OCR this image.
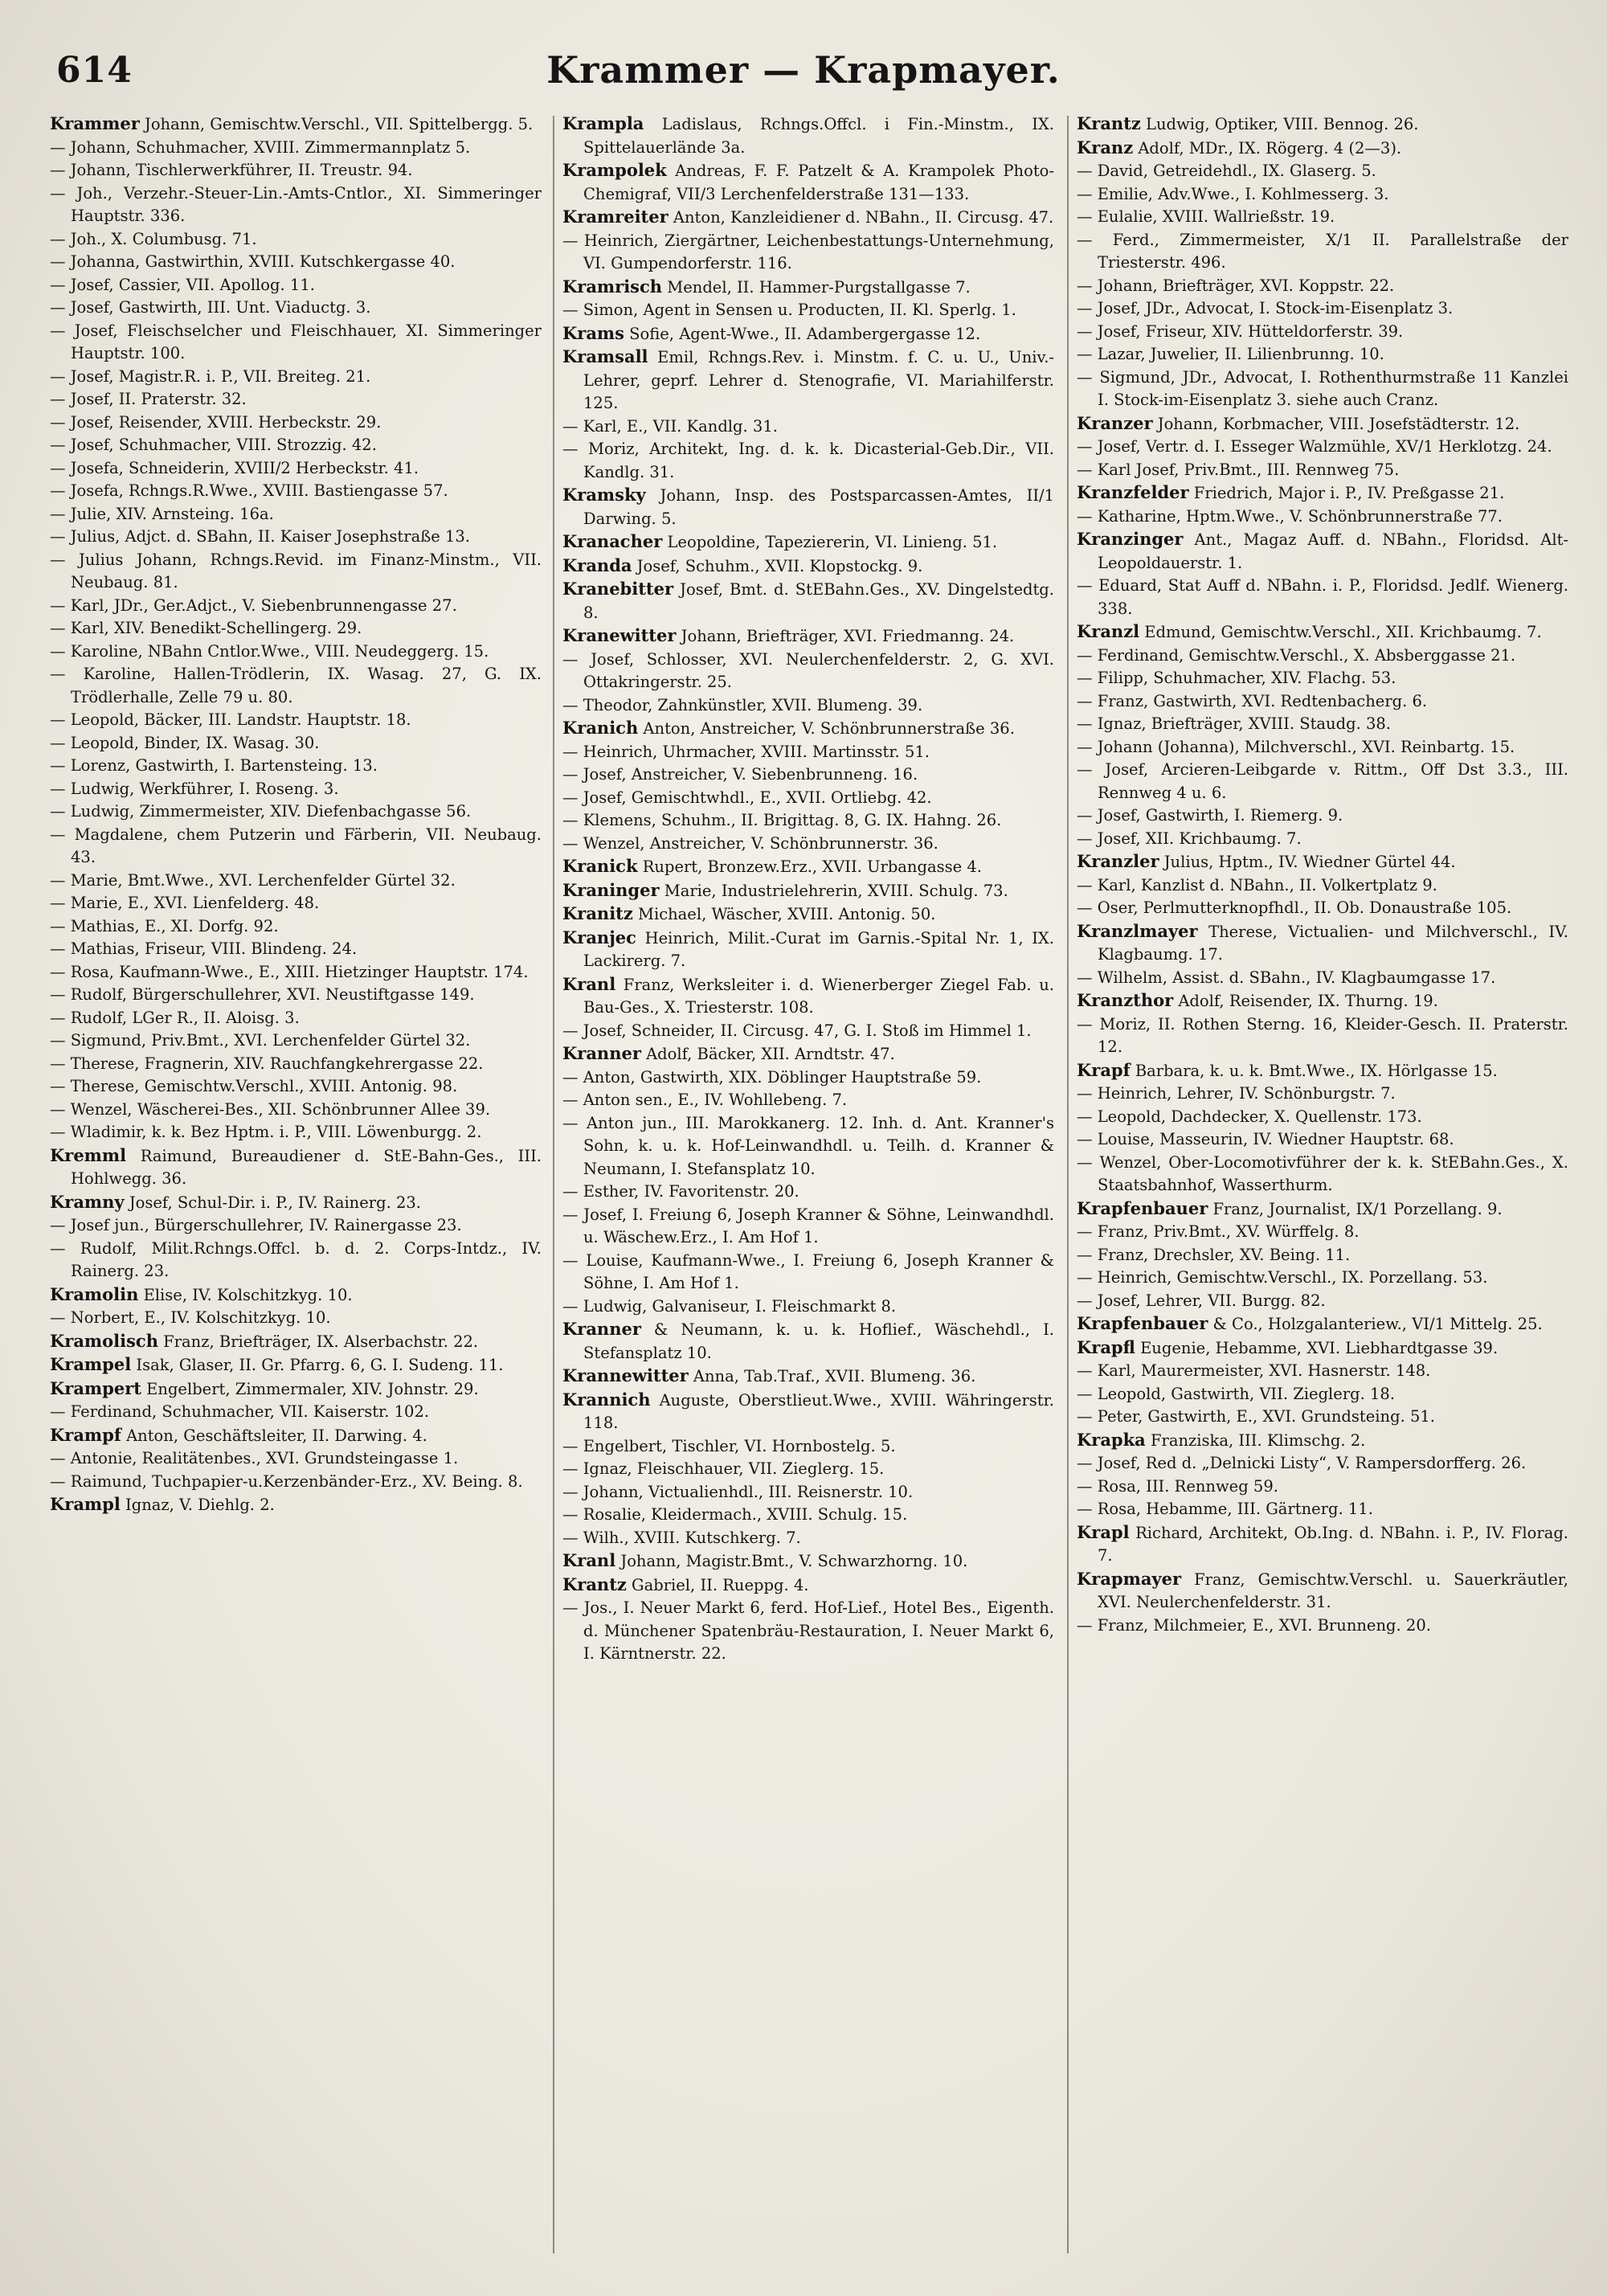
614	Krammer — Krapmayer.

Krammer Johann, Gemischtw.Verschl., VII. Spittelbergg. 5.

— Johann, Schuhmacher, XVIII. Zimmermannplatz 5.

— Johann, Tischlerwerkführer, II. Treustr. 94.

— Joh., Verzehr.-Steuer-Lin.-Amts-Cntlor., XI. Simmeringer Hauptstr. 336.

— Joh., X. Columbusg. 71.

— Johanna, Gastwirthin, XVIII. Kutschkergasse 40.

— Josef, Cassier, VII. Apollog. 11.

— Josef, Gastwirth, III. Unt. Viaductg. 3.

— Josef, Fleischselcher und Fleischhauer, XI. Simmeringer Hauptstr. 100.

— Josef, Magistr.R. i. P., VII. Breiteg. 21.

— Josef, II. Praterstr. 32.

— Josef, Reisender, XVIII. Herbeckstr. 29.

— Josef, Schuhmacher, VIII. Strozzig. 42.

— Josefa, Schneiderin, XVIII/2 Herbeckstr. 41.

— Josefa, Rchngs.R.Wwe., XVIII. Bastiengasse 57.

— Julie, XIV. Arnsteing. 16a.

— Julius, Adjct. d. SBahn, II. Kaiser Josephstraße 13.

— Julius Johann, Rchngs.Revid. im Finanz-Minstm., VII. Neubaug. 81.

— Karl, JDr., Ger.Adjct., V. Siebenbrunnengasse 27.

— Karl, XIV. Benedikt-Schellingerg. 29.

— Karoline, NBahn Cntlor.Wwe., VIII. Neudeggerg. 15.

— Karoline, Hallen-Trödlerin, IX. Wasag. 27, G. IX. Trödlerhalle, Zelle 79 u. 80.

— Leopold, Bäcker, III. Landstr. Hauptstr. 18.

— Leopold, Binder, IX. Wasag. 30.

— Lorenz, Gastwirth, I. Bartensteing. 13.

— Ludwig, Werkführer, I. Roseng. 3.

— Ludwig, Zimmermeister, XIV. Diefenbachgasse 56.

— Magdalene, chem Putzerin und Färberin, VII. Neubaug. 43.

— Marie, Bmt.Wwe., XVI. Lerchenfelder Gürtel 32.

— Marie, E., XVI. Lienfelderg. 48.

— Mathias, E., XI. Dorfg. 92.

— Mathias, Friseur, VIII. Blindeng. 24.

— Rosa, Kaufmann-Wwe., E., XIII. Hietzinger Hauptstr. 174.

— Rudolf, Bürgerschullehrer, XVI. Neustiftgasse 149.

— Rudolf, LGer R., II. Aloisg. 3.

— Sigmund, Priv.Bmt., XVI. Lerchenfelder Gürtel 32.

— Therese, Fragnerin, XIV. Rauchfangkehrergasse 22.

— Therese, Gemischtw.Verschl., XVIII. Antonig. 98.

— Wenzel, Wäscherei-Bes., XII. Schönbrunner Allee 39.

— Wladimir, k. k. Bez Hptm. i. P., VIII. Löwenburgg. 2.

Kremml Raimund, Bureaudiener d. StE-Bahn-Ges., III. Hohlwegg. 36.

Kramny Josef, Schul-Dir. i. P., IV. Rainerg. 23.

— Josef jun., Bürgerschullehrer, IV. Rainergasse 23.

— Rudolf, Milit.Rchngs.Offcl. b. d. 2. Corps-Intdz., IV. Rainerg. 23.

Kramolin Elise, IV. Kolschitzkyg. 10.

— Norbert, E., IV. Kolschitzkyg. 10.

Kramolisch Franz, Briefträger, IX. Alserbachstr. 22.

Krampel Isak, Glaser, II. Gr. Pfarrg. 6, G. I. Sudeng. 11.

Krampert Engelbert, Zimmermaler, XIV. Johnstr. 29.

— Ferdinand, Schuhmacher, VII. Kaiserstr. 102.

Krampf Anton, Geschäftsleiter, II. Darwing. 4.

— Antonie, Realitätenbes., XVI. Grundsteingasse 1.

— Raimund, Tuchpapier-u.Kerzenbänder-Erz., XV. Being. 8.

Krampl Ignaz, V. Diehlg. 2.

Krampla Ladislaus, Rchngs.Offcl. i Fin.-Minstm., IX. Spittelauerlände 3a.

Krampolek Andreas, F. F. Patzelt & A. Krampolek Photo-Chemigraf, VII/3 Lerchenfelderstraße 131—133.

Kramreiter Anton, Kanzleidiener d. NBahn., II. Circusg. 47.

— Heinrich, Ziergärtner, Leichenbestattungs-Unternehmung, VI. Gumpendorferstr. 116.

Kramrisch Mendel, II. Hammer-Purgstallgasse 7.

— Simon, Agent in Sensen u. Producten, II. Kl. Sperlg. 1.

Krams Sofie, Agent-Wwe., II. Adambergergasse 12.

Kramsall Emil, Rchngs.Rev. i. Minstm. f. C. u. U., Univ.-Lehrer, geprf. Lehrer d. Stenografie, VI. Mariahilferstr. 125.

— Karl, E., VII. Kandlg. 31.

— Moriz, Architekt, Ing. d. k. k. Dicasterial-Geb.Dir., VII. Kandlg. 31.

Kramsky Johann, Insp. des Postsparcassen-Amtes, II/1 Darwing. 5.

Kranacher Leopoldine, Tapeziererin, VI. Linieng. 51.

Kranda Josef, Schuhm., XVII. Klopstockg. 9.

Kranebitter Josef, Bmt. d. StEBahn.Ges., XV. Dingelstedtg. 8.

Kranewitter Johann, Briefträger, XVI. Friedmanng. 24.

— Josef, Schlosser, XVI. Neulerchenfelderstr. 2, G. XVI. Ottakringerstr. 25.

— Theodor, Zahnkünstler, XVII. Blumeng. 39.

Kranich Anton, Anstreicher, V. Schönbrunnerstraße 36.

— Heinrich, Uhrmacher, XVIII. Martinsstr. 51.

— Josef, Anstreicher, V. Siebenbrunneng. 16.

— Josef, Gemischtwhdl., E., XVII. Ortliebg. 42.

— Klemens, Schuhm., II. Brigittag. 8, G. IX. Hahng. 26.

— Wenzel, Anstreicher, V. Schönbrunnerstr. 36.

Kranick Rupert, Bronzew.Erz., XVII. Urbangasse 4.

Kraninger Marie, Industrielehrerin, XVIII. Schulg. 73.

Kranitz Michael, Wäscher, XVIII. Antonig. 50.

Kranjec Heinrich, Milit.-Curat im Garnis.-Spital Nr. 1, IX. Lackirerg. 7.

Kranl Franz, Werksleiter i. d. Wienerberger Ziegel Fab. u. Bau-Ges., X. Triesterstr. 108.

— Josef, Schneider, II. Circusg. 47, G. I. Stoß im Himmel 1.

Kranner Adolf, Bäcker, XII. Arndtstr. 47.

— Anton, Gastwirth, XIX. Döblinger Hauptstraße 59.

— Anton sen., E., IV. Wohllebeng. 7.

— Anton jun., III. Marokkanerg. 12. Inh. d. Ant. Kranner's Sohn, k. u. k. Hof-Leinwandhdl. u. Teilh. d. Kranner & Neumann, I. Stefansplatz 10.

— Esther, IV. Favoritenstr. 20.

— Josef, I. Freiung 6, Joseph Kranner & Söhne, Leinwandhdl. u. Wäschew.Erz., I. Am Hof 1.

— Louise, Kaufmann-Wwe., I. Freiung 6, Joseph Kranner & Söhne, I. Am Hof 1.

— Ludwig, Galvaniseur, I. Fleischmarkt 8.

Kranner & Neumann, k. u. k. Hoflief., Wäschehdl., I. Stefansplatz 10.

Krannewitter Anna, Tab.Traf., XVII. Blumeng. 36.

Krannich Auguste, Oberstlieut.Wwe., XVIII. Währingerstr. 118.

— Engelbert, Tischler, VI. Hornbostelg. 5.

— Ignaz, Fleischhauer, VII. Zieglerg. 15.

— Johann, Victualienhdl., III. Reisnerstr. 10.

— Rosalie, Kleidermach., XVIII. Schulg. 15.

— Wilh., XVIII. Kutschkerg. 7.

Kranl Johann, Magistr.Bmt., V. Schwarzhorng. 10.

Krantz Gabriel, II. Rueppg. 4.

— Jos., I. Neuer Markt 6, ferd. Hof-Lief., Hotel Bes., Eigenth. d. Münchener Spatenbräu-Restauration, I. Neuer Markt 6, I. Kärntnerstr. 22.

Krantz Ludwig, Optiker, VIII. Bennog. 26.

Kranz Adolf, MDr., IX. Rögerg. 4 (2—3).

— David, Getreidehdl., IX. Glaserg. 5.

— Emilie, Adv.Wwe., I. Kohlmesserg. 3.

— Eulalie, XVIII. Wallrießstr. 19.

— Ferd., Zimmermeister, X/1 II. Parallelstraße der Triesterstr. 496.

— Johann, Briefträger, XVI. Koppstr. 22.

— Josef, JDr., Advocat, I. Stock-im-Eisenplatz 3.

— Josef, Friseur, XIV. Hütteldorferstr. 39.

— Lazar, Juwelier, II. Lilienbrunng. 10.

— Sigmund, JDr., Advocat, I. Rothenthurmstraße 11 Kanzlei I. Stock-im-Eisenplatz 3. siehe auch Cranz.

Kranzer Johann, Korbmacher, VIII. Josefstädterstr. 12.

— Josef, Vertr. d. I. Esseger Walzmühle, XV/1 Herklotzg. 24.

— Karl Josef, Priv.Bmt., III. Rennweg 75.

Kranzfelder Friedrich, Major i. P., IV. Preßgasse 21.

— Katharine, Hptm.Wwe., V. Schönbrunnerstraße 77.

Kranzinger Ant., Magaz Auff. d. NBahn., Floridsd. Alt-Leopoldauerstr. 1.

— Eduard, Stat Auff d. NBahn. i. P., Floridsd. Jedlf. Wienerg. 338.

Kranzl Edmund, Gemischtw.Verschl., XII. Krichbaumg. 7.

— Ferdinand, Gemischtw.Verschl., X. Absberggasse 21.

— Filipp, Schuhmacher, XIV. Flachg. 53.

— Franz, Gastwirth, XVI. Redtenbacherg. 6.

— Ignaz, Briefträger, XVIII. Staudg. 38.

— Johann (Johanna), Milchverschl., XVI. Reinbartg. 15.

— Josef, Arcieren-Leibgarde v. Rittm., Off Dst 3.3., III. Rennweg 4 u. 6.

— Josef, Gastwirth, I. Riemerg. 9.

— Josef, XII. Krichbaumg. 7.

Kranzler Julius, Hptm., IV. Wiedner Gürtel 44.

— Karl, Kanzlist d. NBahn., II. Volkertplatz 9.

— Oser, Perlmutterknopfhdl., II. Ob. Donaustraße 105.

Kranzlmayer Therese, Victualien- und Milchverschl., IV. Klagbaumg. 17.

— Wilhelm, Assist. d. SBahn., IV. Klagbaumgasse 17.

Kranzthor Adolf, Reisender, IX. Thurng. 19.

— Moriz, II. Rothen Sterng. 16, Kleider-Gesch. II. Praterstr. 12.

Krapf Barbara, k. u. k. Bmt.Wwe., IX. Hörlgasse 15.

— Heinrich, Lehrer, IV. Schönburgstr. 7.

— Leopold, Dachdecker, X. Quellenstr. 173.

— Louise, Masseurin, IV. Wiedner Hauptstr. 68.

— Wenzel, Ober-Locomotivführer der k. k. StEBahn.Ges., X. Staatsbahnhof, Wasserthurm.

Krapfenbauer Franz, Journalist, IX/1 Porzellang. 9.

— Franz, Priv.Bmt., XV. Würffelg. 8.

— Franz, Drechsler, XV. Being. 11.

— Heinrich, Gemischtw.Verschl., IX. Porzellang. 53.

— Josef, Lehrer, VII. Burgg. 82.

Krapfenbauer & Co., Holzgalanteriew., VI/1 Mittelg. 25.

Krapfl Eugenie, Hebamme, XVI. Liebhardtgasse 39.

— Karl, Maurermeister, XVI. Hasnerstr. 148.

— Leopold, Gastwirth, VII. Zieglerg. 18.

— Peter, Gastwirth, E., XVI. Grundsteing. 51.

Krapka Franziska, III. Klimschg. 2.

— Josef, Red d. „Delnicki Listy“, V. Rampersdorfferg. 26.

— Rosa, III. Rennweg 59.

— Rosa, Hebamme, III. Gärtnerg. 11.

Krapl Richard, Architekt, Ob.Ing. d. NBahn. i. P., IV. Florag. 7.

Krapmayer Franz, Gemischtw.Verschl. u. Sauerkräutler, XVI. Neulerchenfelderstr. 31.

— Franz, Milchmeier, E., XVI. Brunneng. 20.
